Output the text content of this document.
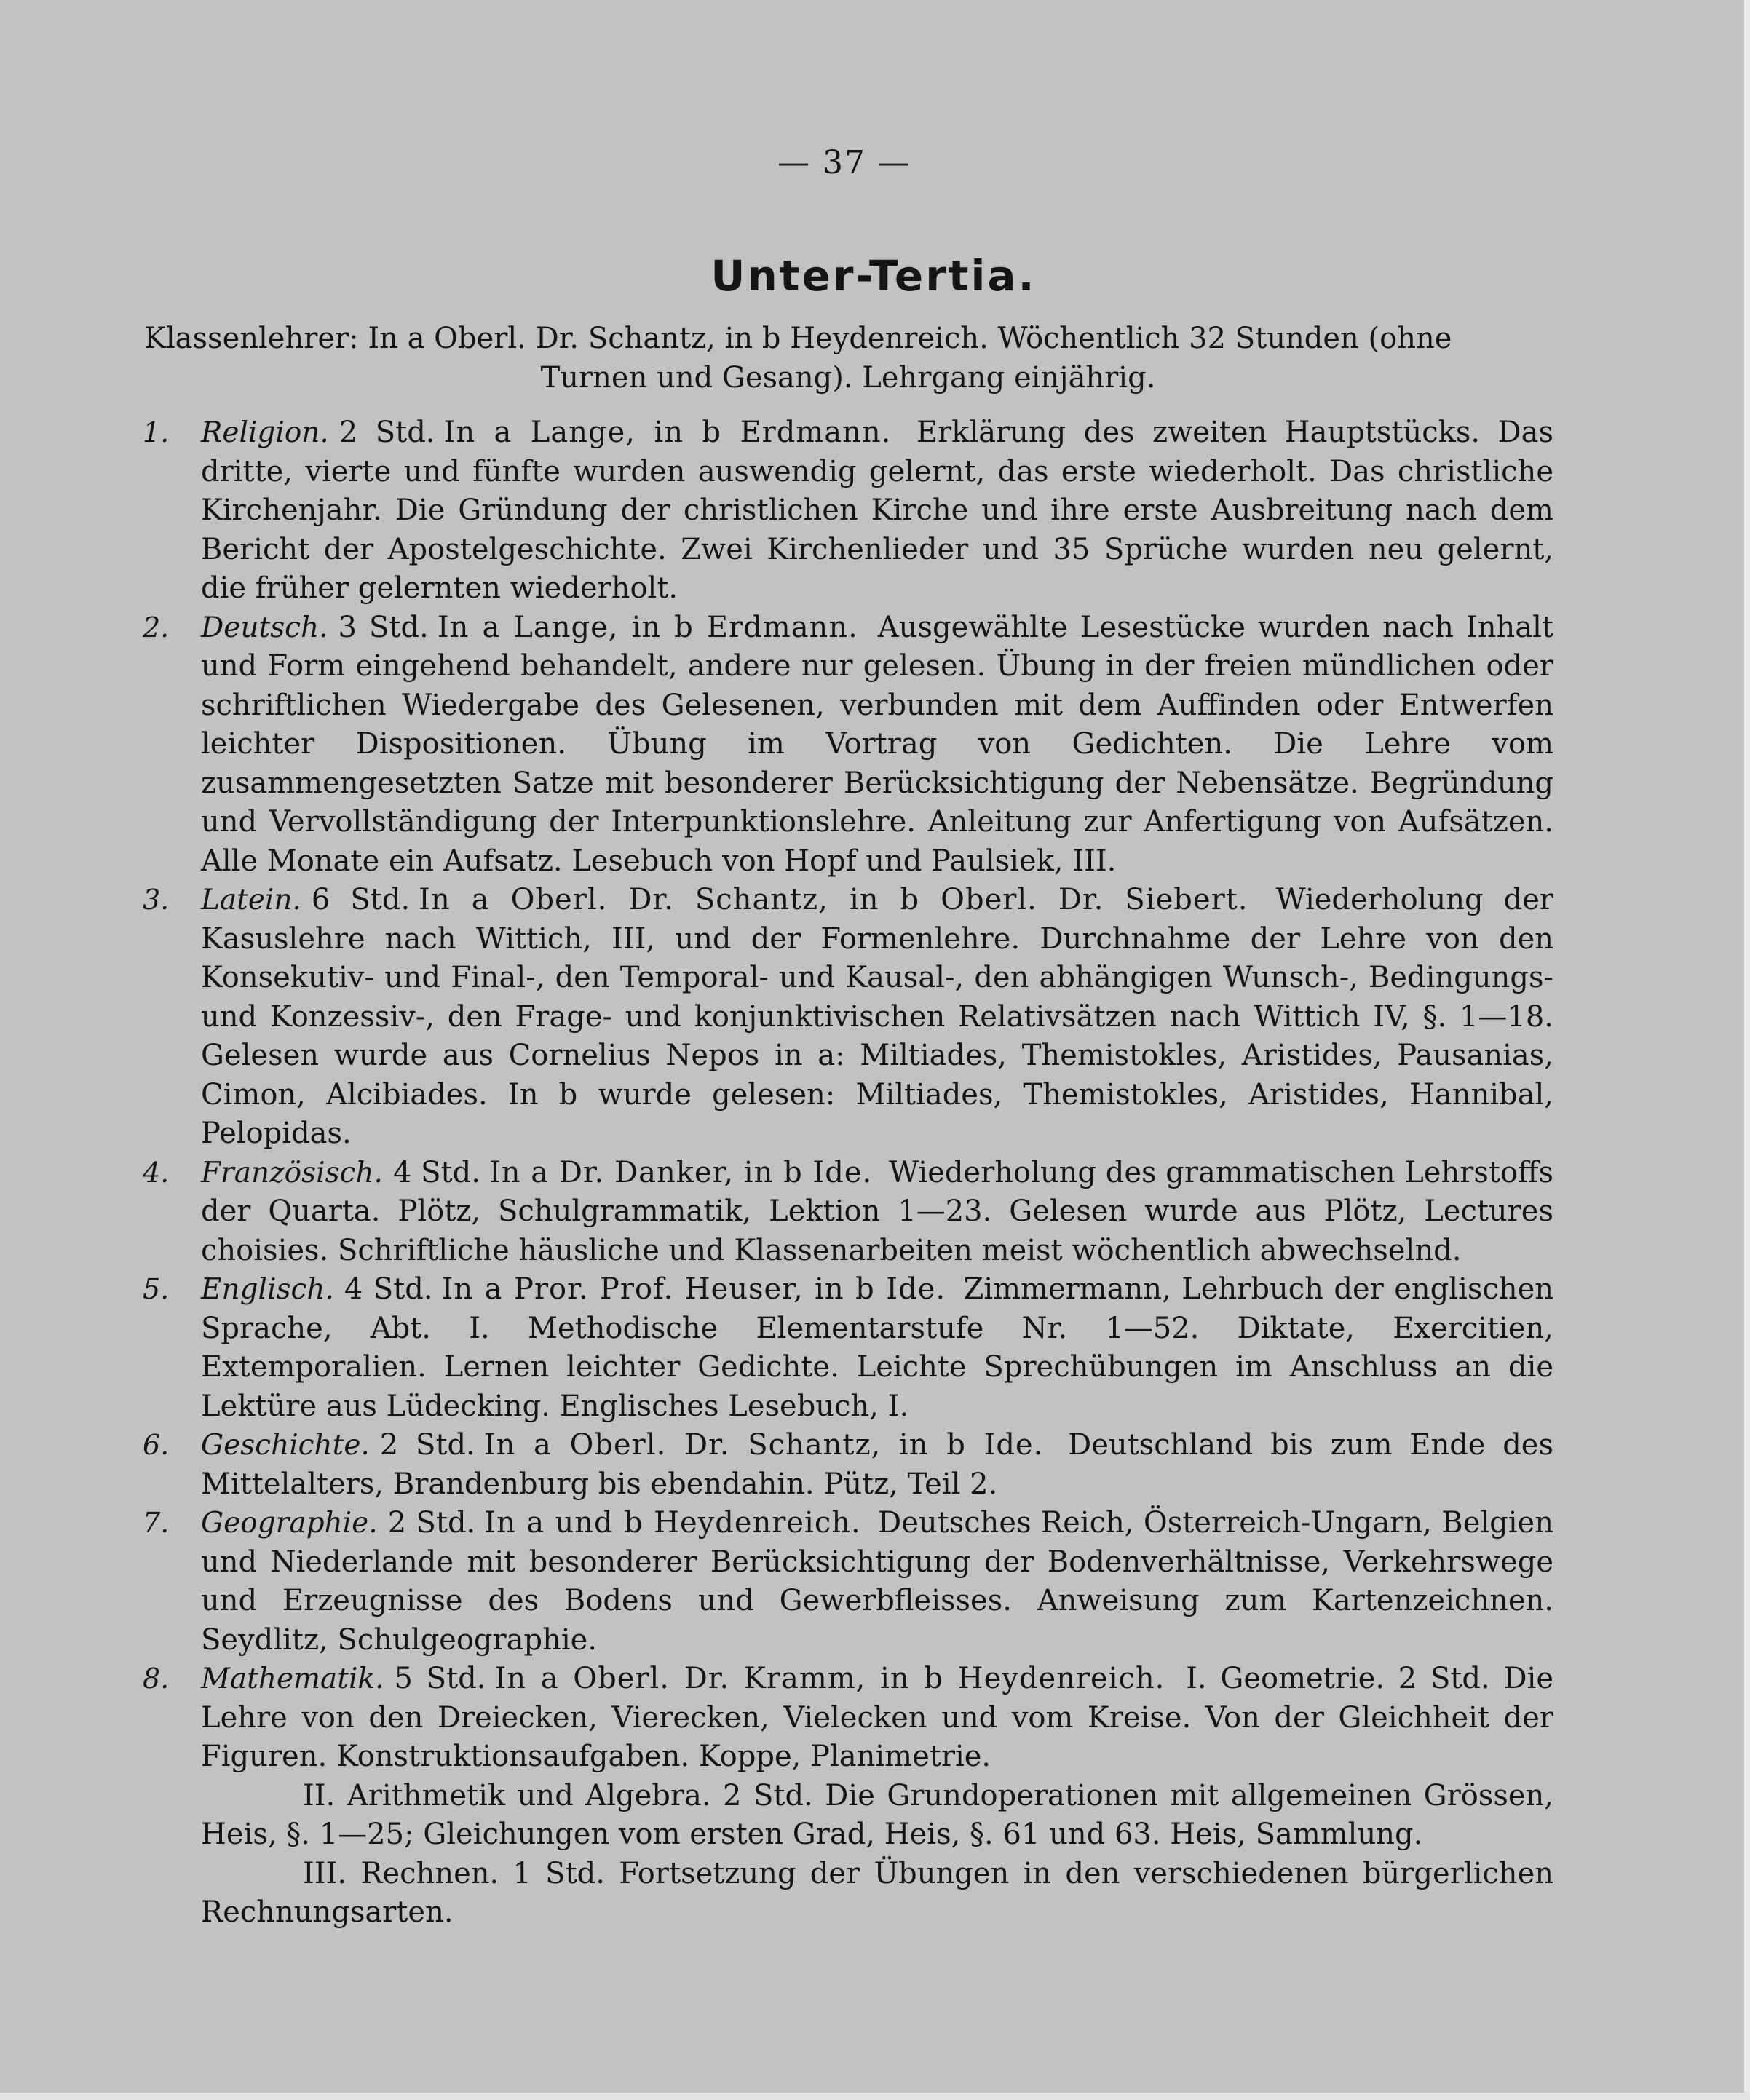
— 37 —
Unter-Tertia.
Klassenlehrer: In a Oberl. Dr. Schantz, in b Heydenreich. Wöchentlich 32 Stunden (ohne
Turnen und Gesang). Lehrgang einjährig.
1. Religion. 2 Std. In a Lange, in b Erdmann. Erklärung des zweiten Hauptstücks. Das dritte, vierte und fünfte wurden auswendig gelernt, das erste wiederholt. Das christliche Kirchenjahr. Die Gründung der christlichen Kirche und ihre erste Ausbreitung nach dem Bericht der Apostelgeschichte. Zwei Kirchenlieder und 35 Sprüche wurden neu gelernt, die früher gelernten wiederholt.
2. Deutsch. 3 Std. In a Lange, in b Erdmann. Ausgewählte Lesestücke wurden nach Inhalt und Form eingehend behandelt, andere nur gelesen. Übung in der freien mündlichen oder schriftlichen Wiedergabe des Gelesenen, verbunden mit dem Auffinden oder Entwerfen leichter Dispositionen. Übung im Vortrag von Gedichten. Die Lehre vom zusammengesetzten Satze mit besonderer Berücksichtigung der Nebensätze. Begründung und Vervollständigung der Interpunktionslehre. Anleitung zur Anfertigung von Aufsätzen. Alle Monate ein Aufsatz. Lesebuch von Hopf und Paulsiek, III.
3. Latein. 6 Std. In a Oberl. Dr. Schantz, in b Oberl. Dr. Siebert. Wiederholung der Kasuslehre nach Wittich, III, und der Formenlehre. Durchnahme der Lehre von den Konsekutiv- und Final-, den Temporal- und Kausal-, den abhängigen Wunsch-, Bedingungs- und Konzessiv-, den Frage- und konjunktivischen Relativsätzen nach Wittich IV, §. 1—18. Gelesen wurde aus Cornelius Nepos in a: Miltiades, Themistokles, Aristides, Pausanias, Cimon, Alcibiades. In b wurde gelesen: Miltiades, Themistokles, Aristides, Hannibal, Pelopidas.
4. Französisch. 4 Std. In a Dr. Danker, in b Ide. Wiederholung des grammatischen Lehrstoffs der Quarta. Plötz, Schulgrammatik, Lektion 1—23. Gelesen wurde aus Plötz, Lectures choisies. Schriftliche häusliche und Klassenarbeiten meist wöchentlich abwechselnd.
5. Englisch. 4 Std. In a Pror. Prof. Heuser, in b Ide. Zimmermann, Lehrbuch der englischen Sprache, Abt. I. Methodische Elementarstufe Nr. 1—52. Diktate, Exercitien, Extemporalien. Lernen leichter Gedichte. Leichte Sprechübungen im Anschluss an die Lektüre aus Lüdecking. Englisches Lesebuch, I.
6. Geschichte. 2 Std. In a Oberl. Dr. Schantz, in b Ide. Deutschland bis zum Ende des Mittelalters, Brandenburg bis ebendahin. Pütz, Teil 2.
7. Geographie. 2 Std. In a und b Heydenreich. Deutsches Reich, Österreich-Ungarn, Belgien und Niederlande mit besonderer Berücksichtigung der Bodenverhältnisse, Verkehrswege und Erzeugnisse des Bodens und Gewerbfleisses. Anweisung zum Kartenzeichnen. Seydlitz, Schulgeographie.
8. Mathematik. 5 Std. In a Oberl. Dr. Kramm, in b Heydenreich. I. Geometrie. 2 Std. Die Lehre von den Dreiecken, Vierecken, Vielecken und vom Kreise. Von der Gleichheit der Figuren. Konstruktionsaufgaben. Koppe, Planimetrie.
II. Arithmetik und Algebra. 2 Std. Die Grundoperationen mit allgemeinen Grössen, Heis, §. 1—25; Gleichungen vom ersten Grad, Heis, §. 61 und 63. Heis, Sammlung.
III. Rechnen. 1 Std. Fortsetzung der Übungen in den verschiedenen bürgerlichen Rechnungsarten.
